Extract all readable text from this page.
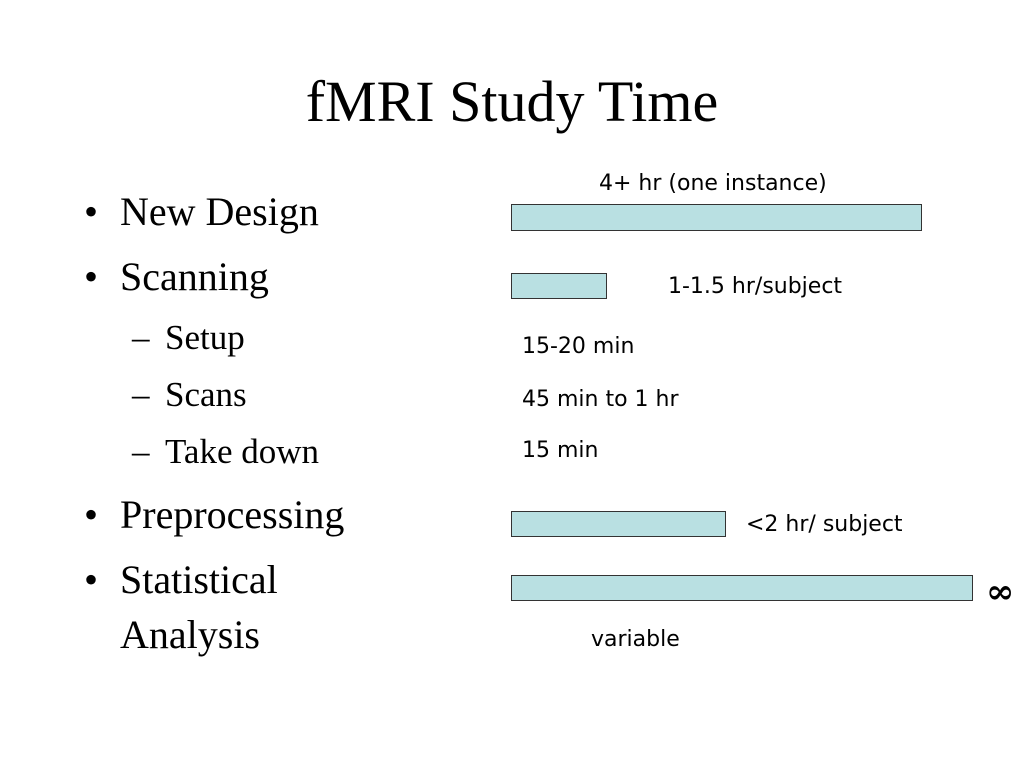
fMRI Study Time
• New Design
• Scanning
– Setup
– Scans
– Take down
• Preprocessing
• Statistical
Analysis
4+ hr (one instance)
1-1.5 hr/subject
15-20 min
45 min to 1 hr
15 min
<2 hr/ subject
variable
∞
